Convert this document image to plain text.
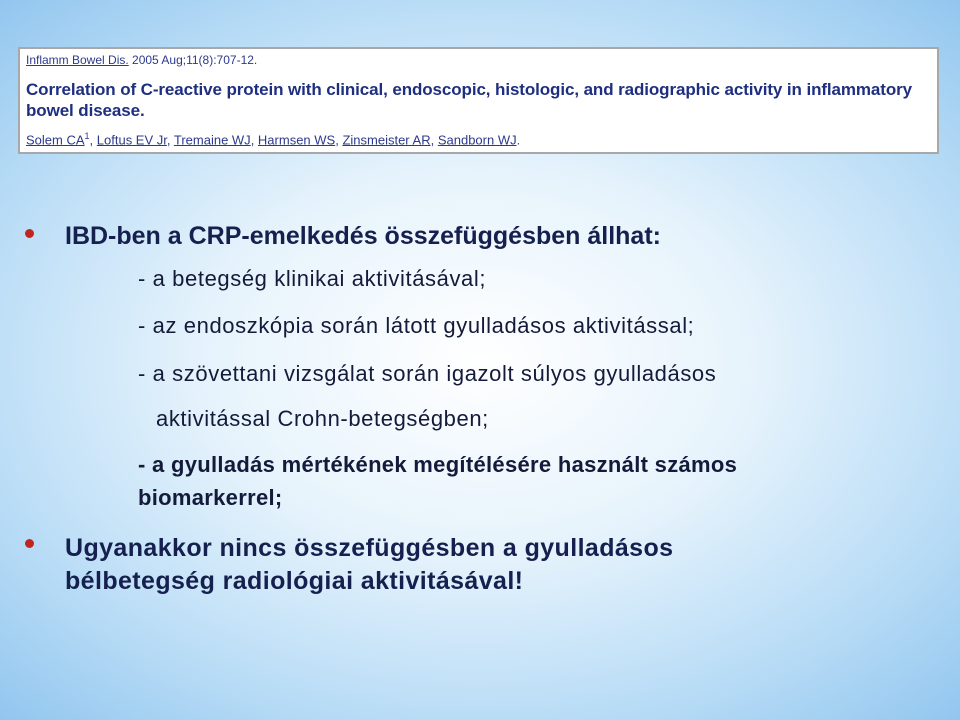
Inflamm Bowel Dis. 2005 Aug;11(8):707-12.
Correlation of C-reactive protein with clinical, endoscopic, histologic, and radiographic activity in inflammatory bowel disease.
Solem $CA^1$, Loftus EV Jr, Tremaine WJ, Harmsen WS, Zinsmeister AR, Sandborn WJ.
IBD-ben a CRP-emelkedés összefüggésben állhat:
- a betegség klinikai aktivitásával;
- az endoszkópia során látott gyulladásos aktivitással;
- a szövettani vizsgálat során igazolt súlyos gyulladásos
aktivitással Crohn-betegségben;
- a gyulladás mértékének megítélésére használt számos
biomarkerrel;
Ugyanakkor nincs összefüggésben a gyulladásos
bélbetegség radiológiai aktivitásával!
